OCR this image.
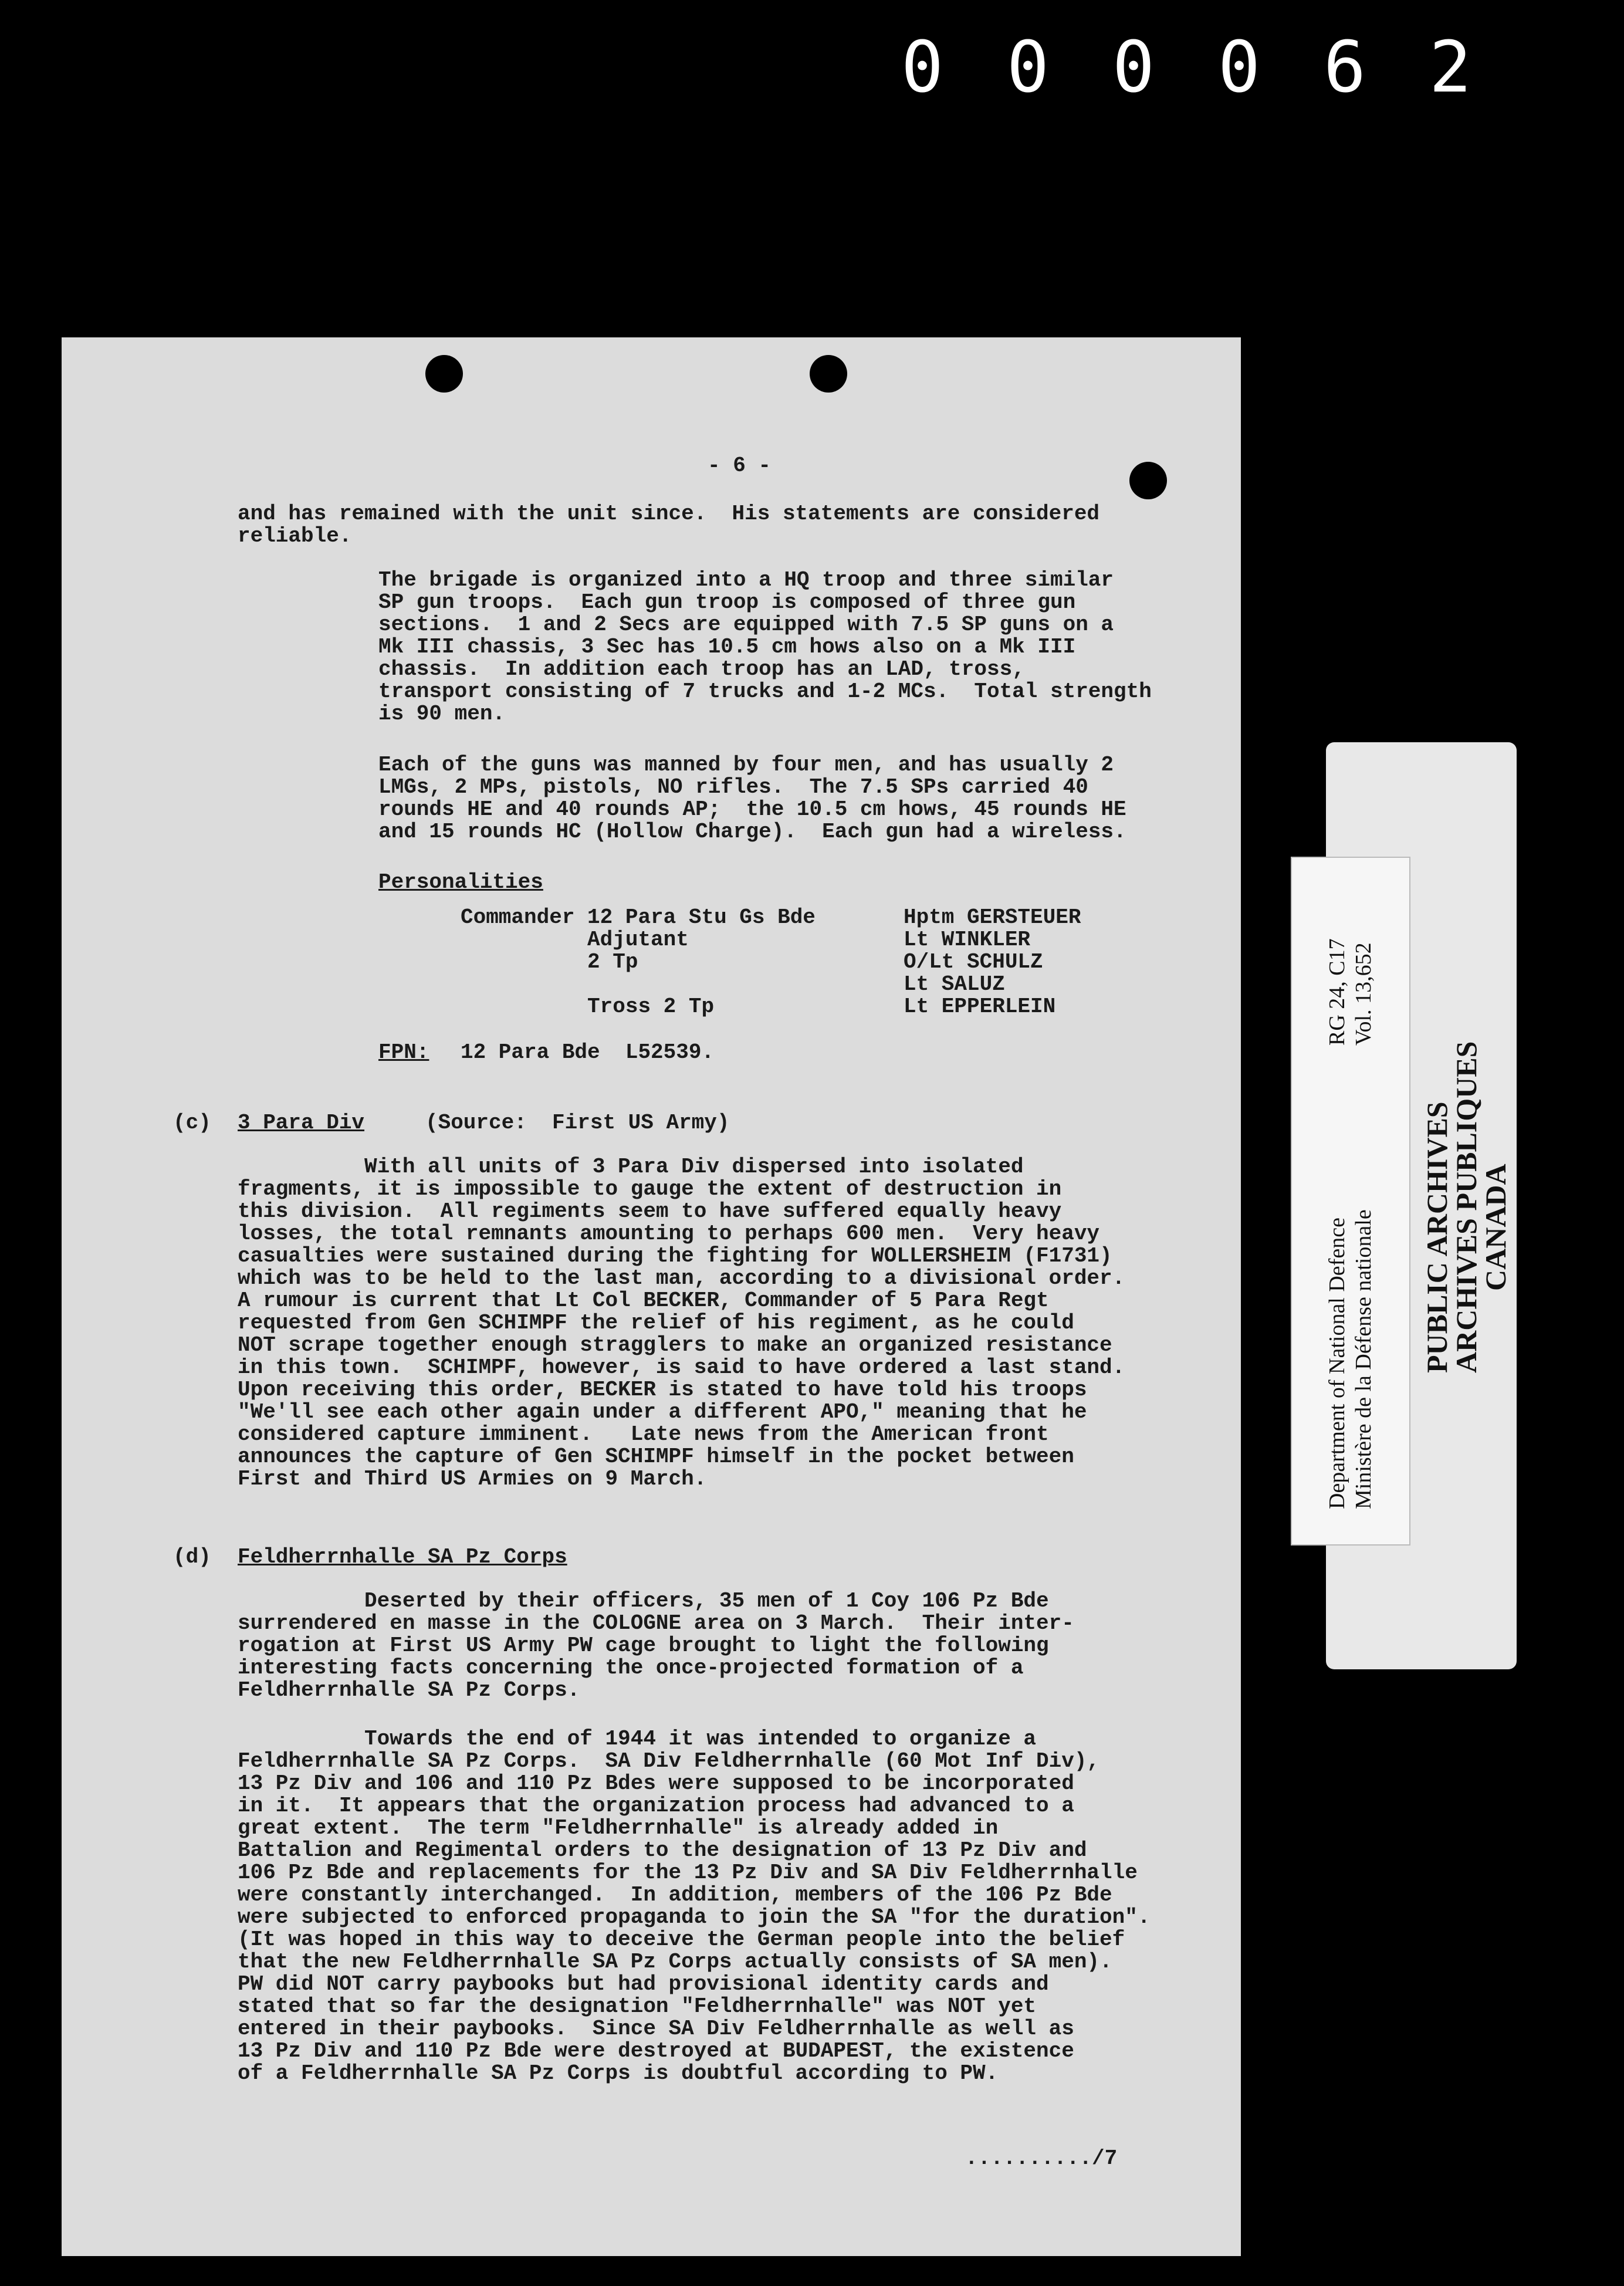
0 0 0 0 6 2
- 6 -
and has remained with the unit since.  His statements are considered
reliable.
The brigade is organized into a HQ troop and three similar
SP gun troops.  Each gun troop is composed of three gun
sections.  1 and 2 Secs are equipped with 7.5 SP guns on a
Mk III chassis, 3 Sec has 10.5 cm hows also on a Mk III
chassis.  In addition each troop has an LAD, tross,
transport consisting of 7 trucks and 1-2 MCs.  Total strength
is 90 men.
Each of the guns was manned by four men, and has usually 2
LMGs, 2 MPs, pistols, NO rifles.  The 7.5 SPs carried 40
rounds HE and 40 rounds AP;  the 10.5 cm hows, 45 rounds HE
and 15 rounds HC (Hollow Charge).  Each gun had a wireless.
Personalities
Commander 12 Para Stu Gs Bde
Adjutant
2 Tp

Tross 2 Tp
Hptm GERSTEUER
Lt WINKLER
O/Lt SCHULZ
Lt SALUZ
Lt EPPERLEIN
FPN: 12 Para Bde  L52539.
(c) 3 Para Div	(Source:  First US Army)
With all units of 3 Para Div dispersed into isolated
fragments, it is impossible to gauge the extent of destruction in
this division.  All regiments seem to have suffered equally heavy
losses, the total remnants amounting to perhaps 600 men.  Very heavy
casualties were sustained during the fighting for WOLLERSHEIM (F1731)
which was to be held to the last man, according to a divisional order.
A rumour is current that Lt Col BECKER, Commander of 5 Para Regt
requested from Gen SCHIMPF the relief of his regiment, as he could
NOT scrape together enough stragglers to make an organized resistance
in this town.  SCHIMPF, however, is said to have ordered a last stand.
Upon receiving this order, BECKER is stated to have told his troops
"We'll see each other again under a different APO," meaning that he
considered capture imminent.   Late news from the American front
announces the capture of Gen SCHIMPF himself in the pocket between
First and Third US Armies on 9 March.
(d) Feldherrnhalle SA Pz Corps
Deserted by their officers, 35 men of 1 Coy 106 Pz Bde
surrendered en masse in the COLOGNE area on 3 March.  Their inter-
rogation at First US Army PW cage brought to light the following
interesting facts concerning the once-projected formation of a
Feldherrnhalle SA Pz Corps.
Towards the end of 1944 it was intended to organize a
Feldherrnhalle SA Pz Corps.  SA Div Feldherrnhalle (60 Mot Inf Div),
13 Pz Div and 106 and 110 Pz Bdes were supposed to be incorporated
in it.  It appears that the organization process had advanced to a
great extent.  The term "Feldherrnhalle" is already added in
Battalion and Regimental orders to the designation of 13 Pz Div and
106 Pz Bde and replacements for the 13 Pz Div and SA Div Feldherrnhalle
were constantly interchanged.  In addition, members of the 106 Pz Bde
were subjected to enforced propaganda to join the SA "for the duration".
(It was hoped in this way to deceive the German people into the belief
that the new Feldherrnhalle SA Pz Corps actually consists of SA men).
PW did NOT carry paybooks but had provisional identity cards and
stated that so far the designation "Feldherrnhalle" was NOT yet
entered in their paybooks.  Since SA Div Feldherrnhalle as well as
13 Pz Div and 110 Pz Bde were destroyed at BUDAPEST, the existence
of a Feldherrnhalle SA Pz Corps is doubtful according to PW.
........../7
Department of National Defence Ministère de la Défense nationale
RG 24, C17 Vol. 13,652
PUBLIC ARCHIVES
ARCHIVES PUBLIQUES
CANADA
